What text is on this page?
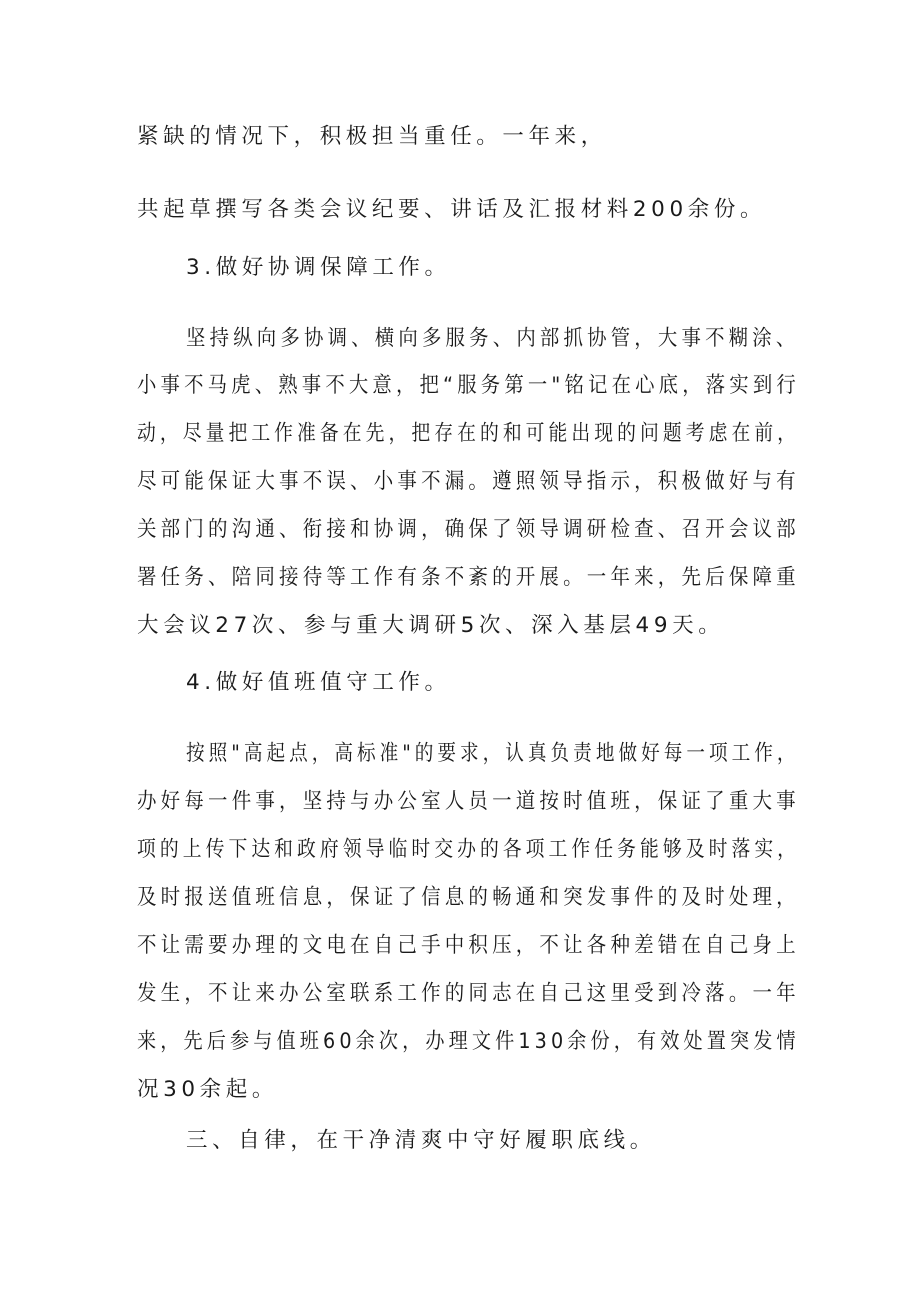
紧缺的情况下，积极担当重任。一年来，

共起草撰写各类会议纪要、讲话及汇报材料200余份。

3.做好协调保障工作。

坚持纵向多协调、横向多服务、内部抓协管，大事不糊涂、

小事不马虎、熟事不大意，把“服务第一"铭记在心底，落实到行

动，尽量把工作准备在先，把存在的和可能出现的问题考虑在前，

尽可能保证大事不误、小事不漏。遵照领导指示，积极做好与有

关部门的沟通、衔接和协调，确保了领导调研检查、召开会议部

署任务、陪同接待等工作有条不紊的开展。一年来，先后保障重

大会议27次、参与重大调研5次、深入基层49天。

4.做好值班值守工作。

按照"高起点，高标准"的要求，认真负责地做好每一项工作，

办好每一件事，坚持与办公室人员一道按时值班，保证了重大事

项的上传下达和政府领导临时交办的各项工作任务能够及时落实，

及时报送值班信息，保证了信息的畅通和突发事件的及时处理，

不让需要办理的文电在自己手中积压，不让各种差错在自己身上

发生，不让来办公室联系工作的同志在自己这里受到冷落。一年

来，先后参与值班60余次，办理文件130余份，有效处置突发情

况30余起。

三、自律，在干净清爽中守好履职底线。
